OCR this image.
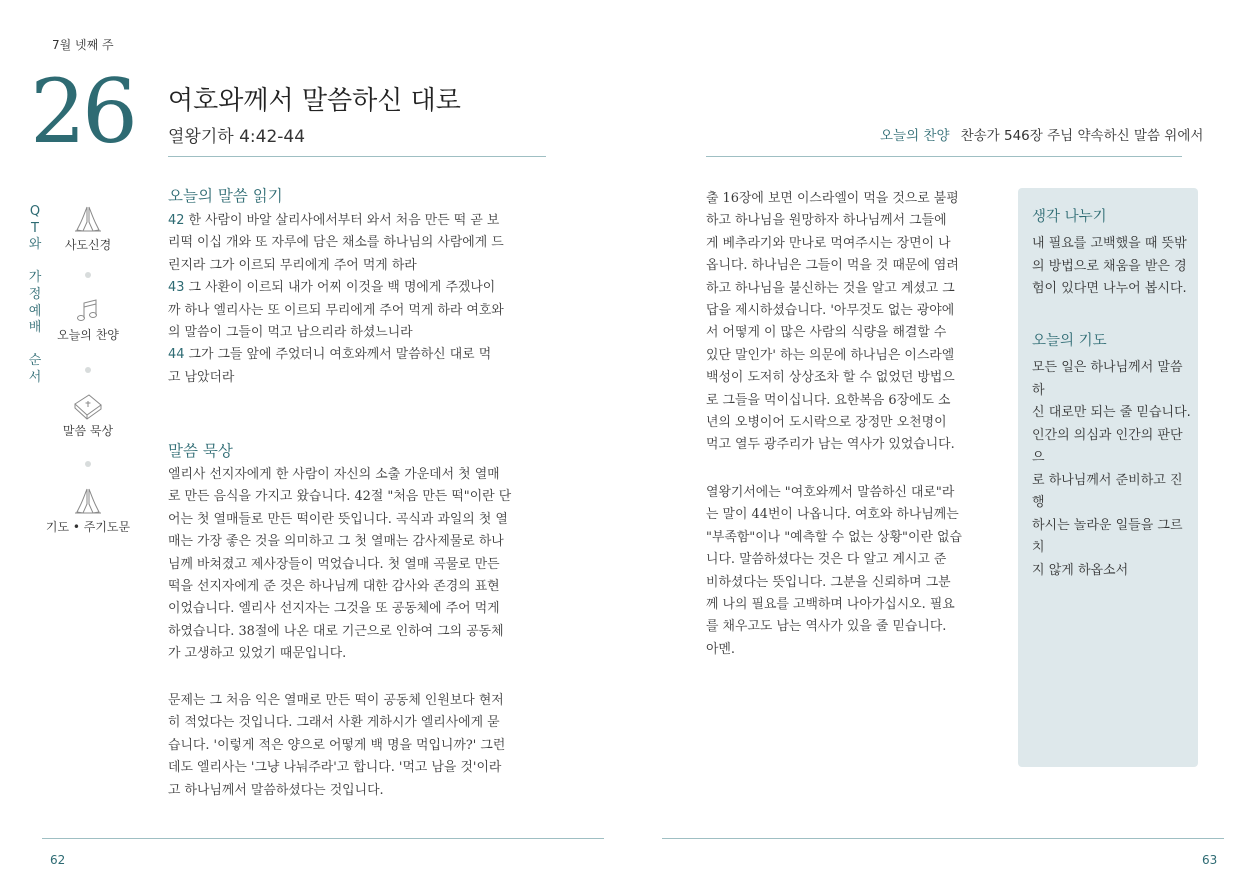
7월 넷째 주
26 여호와께서 말씀하신 대로
열왕기하 4:42-44
Q
T
와
가
정
예
배
순
서
사도신경
오늘의 찬양
말씀 묵상
기도 • 주기도문
오늘의 말씀 읽기
42 한 사람이 바알 살리사에서부터 와서 처음 만든 떡 곧 보
리떡 이십 개와 또 자루에 담은 채소를 하나님의 사람에게 드
린지라 그가 이르되 무리에게 주어 먹게 하라
43 그 사환이 이르되 내가 어찌 이것을 백 명에게 주겠나이
까 하나 엘리사는 또 이르되 무리에게 주어 먹게 하라 여호와
의 말씀이 그들이 먹고 남으리라 하셨느니라
44 그가 그들 앞에 주었더니 여호와께서 말씀하신 대로 먹
고 남았더라
말씀 묵상
엘리사 선지자에게 한 사람이 자신의 소출 가운데서 첫 열매
로 만든 음식을 가지고 왔습니다. 42절 "처음 만든 떡"이란 단
어는 첫 열매들로 만든 떡이란 뜻입니다. 곡식과 과일의 첫 열
매는 가장 좋은 것을 의미하고 그 첫 열매는 감사제물로 하나
님께 바쳐졌고 제사장들이 먹었습니다. 첫 열매 곡물로 만든
떡을 선지자에게 준 것은 하나님께 대한 감사와 존경의 표현
이었습니다. 엘리사 선지자는 그것을 또 공동체에 주어 먹게
하였습니다. 38절에 나온 대로 기근으로 인하여 그의 공동체
가 고생하고 있었기 때문입니다.
문제는 그 처음 익은 열매로 만든 떡이 공동체 인원보다 현저
히 적었다는 것입니다. 그래서 사환 게하시가 엘리사에게 묻
습니다. '이렇게 적은 양으로 어떻게 백 명을 먹입니까?' 그런
데도 엘리사는 '그냥 나눠주라'고 합니다. '먹고 남을 것'이라
고 하나님께서 말씀하셨다는 것입니다.
62
오늘의 찬양 찬송가 546장 주님 약속하신 말씀 위에서
출 16장에 보면 이스라엘이 먹을 것으로 불평
하고 하나님을 원망하자 하나님께서 그들에
게 베추라기와 만나로 먹여주시는 장면이 나
옵니다. 하나님은 그들이 먹을 것 때문에 염려
하고 하나님을 불신하는 것을 알고 계셨고 그
답을 제시하셨습니다. '아무것도 없는 광야에
서 어떻게 이 많은 사람의 식량을 해결할 수
있단 말인가' 하는 의문에 하나님은 이스라엘
백성이 도저히 상상조차 할 수 없었던 방법으
로 그들을 먹이십니다. 요한복음 6장에도 소
년의 오병이어 도시락으로 장정만 오천명이
먹고 열두 광주리가 남는 역사가 있었습니다.
열왕기서에는 "여호와께서 말씀하신 대로"라
는 말이 44번이 나옵니다. 여호와 하나님께는
"부족함"이나 "예측할 수 없는 상황"이란 없습
니다. 말씀하셨다는 것은 다 알고 계시고 준
비하셨다는 뜻입니다. 그분을 신뢰하며 그분
께 나의 필요를 고백하며 나아가십시오. 필요
를 채우고도 남는 역사가 있을 줄 믿습니다.
아멘.
생각 나누기
내 필요를 고백했을 때 뜻밖
의 방법으로 채움을 받은 경
험이 있다면 나누어 봅시다.
오늘의 기도
모든 일은 하나님께서 말씀하
신 대로만 되는 줄 믿습니다.
인간의 의심과 인간의 판단으
로 하나님께서 준비하고 진행
하시는 놀라운 일들을 그르치
지 않게 하옵소서
63
